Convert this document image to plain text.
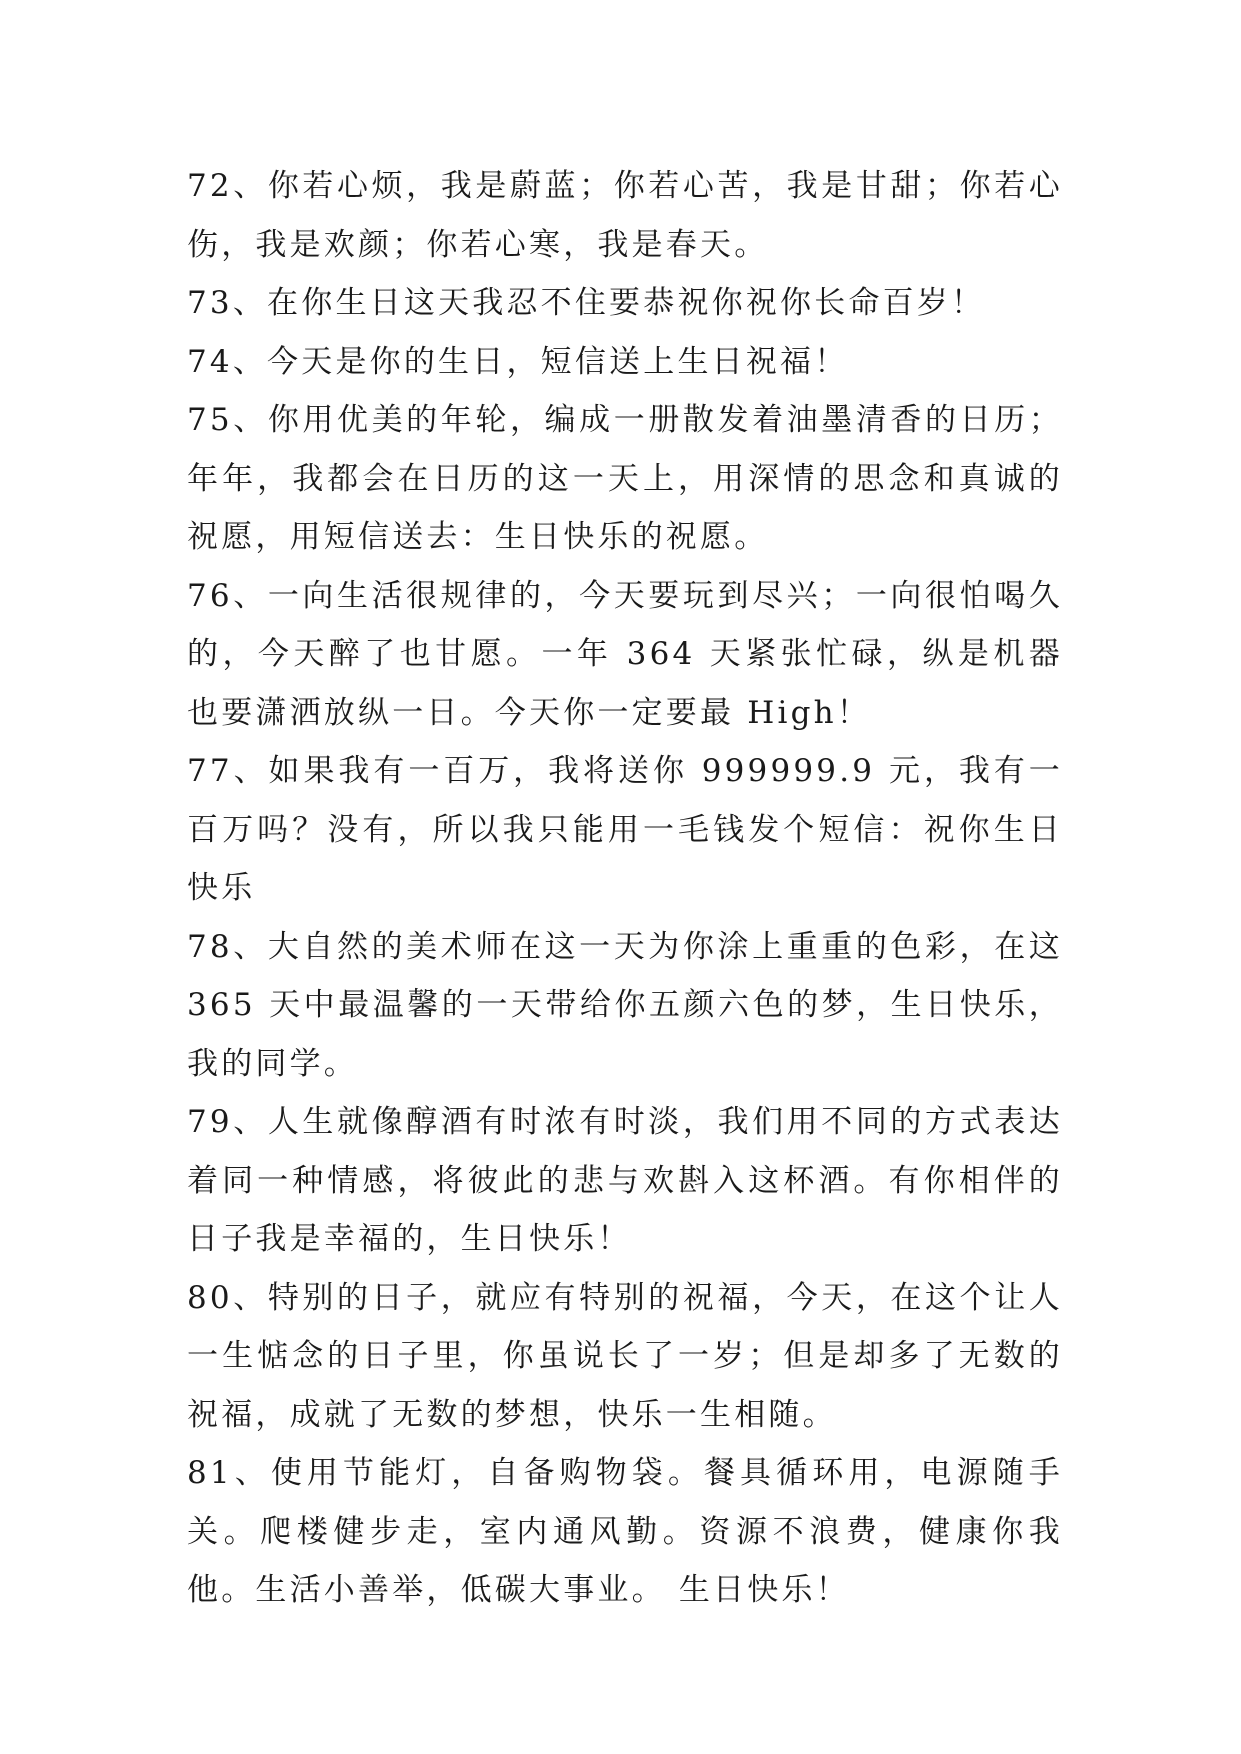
72、你若心烦，我是蔚蓝；你若心苦，我是甘甜；你若心伤，我是欢颜；你若心寒，我是春天。

73、在你生日这天我忍不住要恭祝你祝你长命百岁！

74、今天是你的生日，短信送上生日祝福！

75、你用优美的年轮，编成一册散发着油墨清香的日历；年年，我都会在日历的这一天上，用深情的思念和真诚的祝愿，用短信送去：生日快乐的祝愿。

76、一向生活很规律的，今天要玩到尽兴；一向很怕喝久的，今天醉了也甘愿。一年 364 天紧张忙碌，纵是机器也要潇洒放纵一日。今天你一定要最 High！

77、如果我有一百万，我将送你 999999.9 元，我有一百万吗？没有，所以我只能用一毛钱发个短信：祝你生日快乐

78、大自然的美术师在这一天为你涂上重重的色彩，在这 365 天中最温馨的一天带给你五颜六色的梦，生日快乐，我的同学。

79、人生就像醇酒有时浓有时淡，我们用不同的方式表达着同一种情感，将彼此的悲与欢斟入这杯酒。有你相伴的日子我是幸福的，生日快乐！

80、特别的日子，就应有特别的祝福，今天，在这个让人一生惦念的日子里，你虽说长了一岁；但是却多了无数的祝福，成就了无数的梦想，快乐一生相随。

81、使用节能灯，自备购物袋。餐具循环用，电源随手关。爬楼健步走，室内通风勤。资源不浪费，健康你我他。生活小善举，低碳大事业。 生日快乐！
